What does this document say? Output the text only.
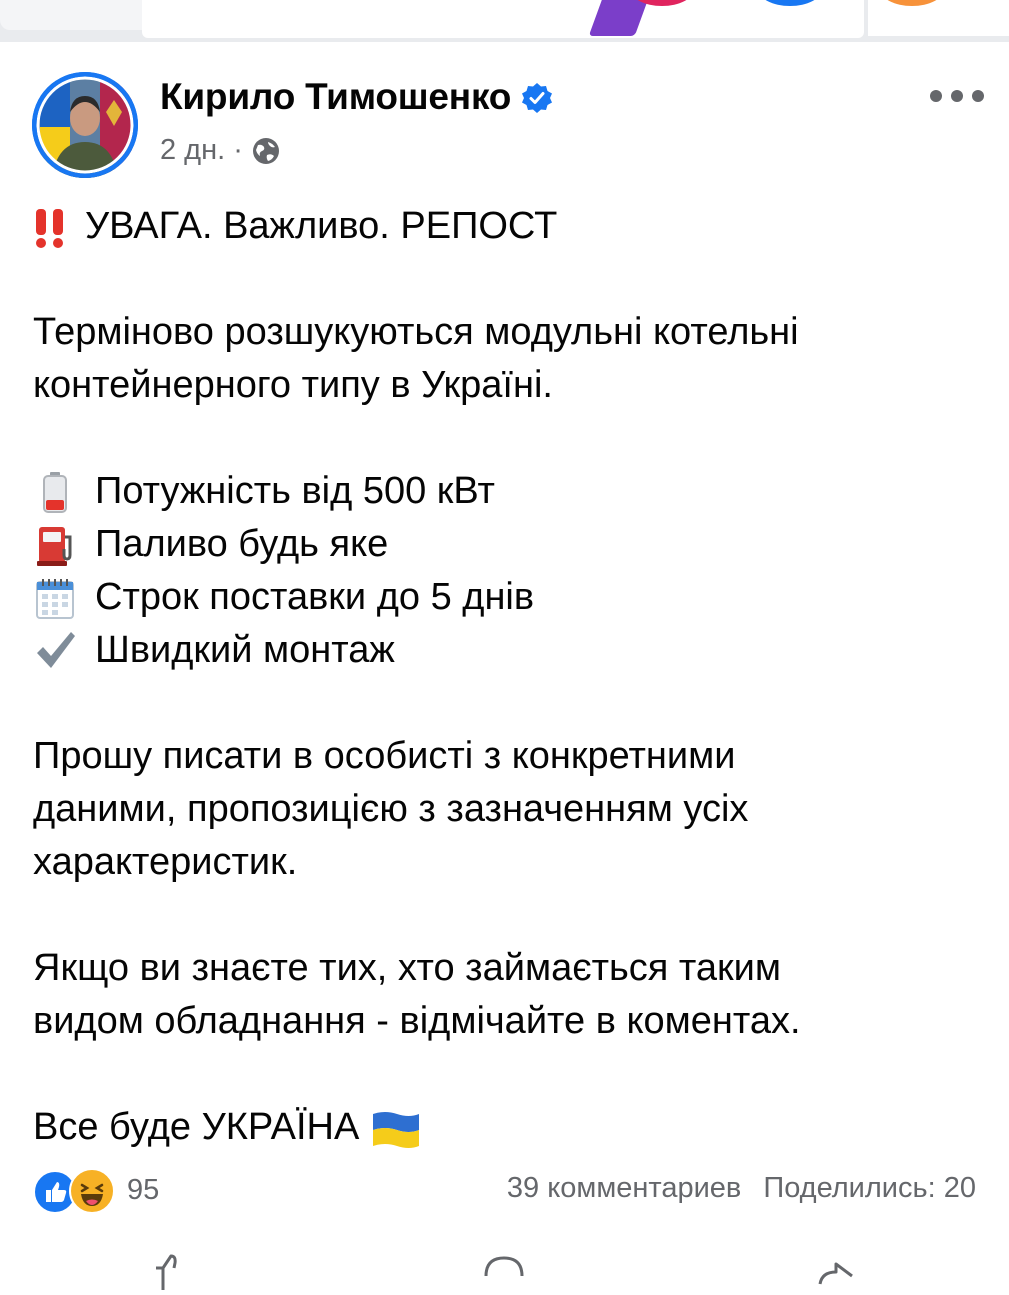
Кирило Тимошенко
2 дн. ·
УВАГА. Важливо. РЕПОСТ
Терміново розшукуються модульні котельні
контейнерного типу в Україні.
Потужність від 500 кВт
Паливо будь яке
Строк поставки до 5 днів
Швидкий монтаж
Прошу писати в особисті з конкретними
даними, пропозицією з зазначенням усіх
характеристик.
Якщо ви знаєте тих, хто займається таким
видом обладнання - відмічайте в коментах.
Все буде УКРАЇНА
95	39 комментариев Поделились: 20
